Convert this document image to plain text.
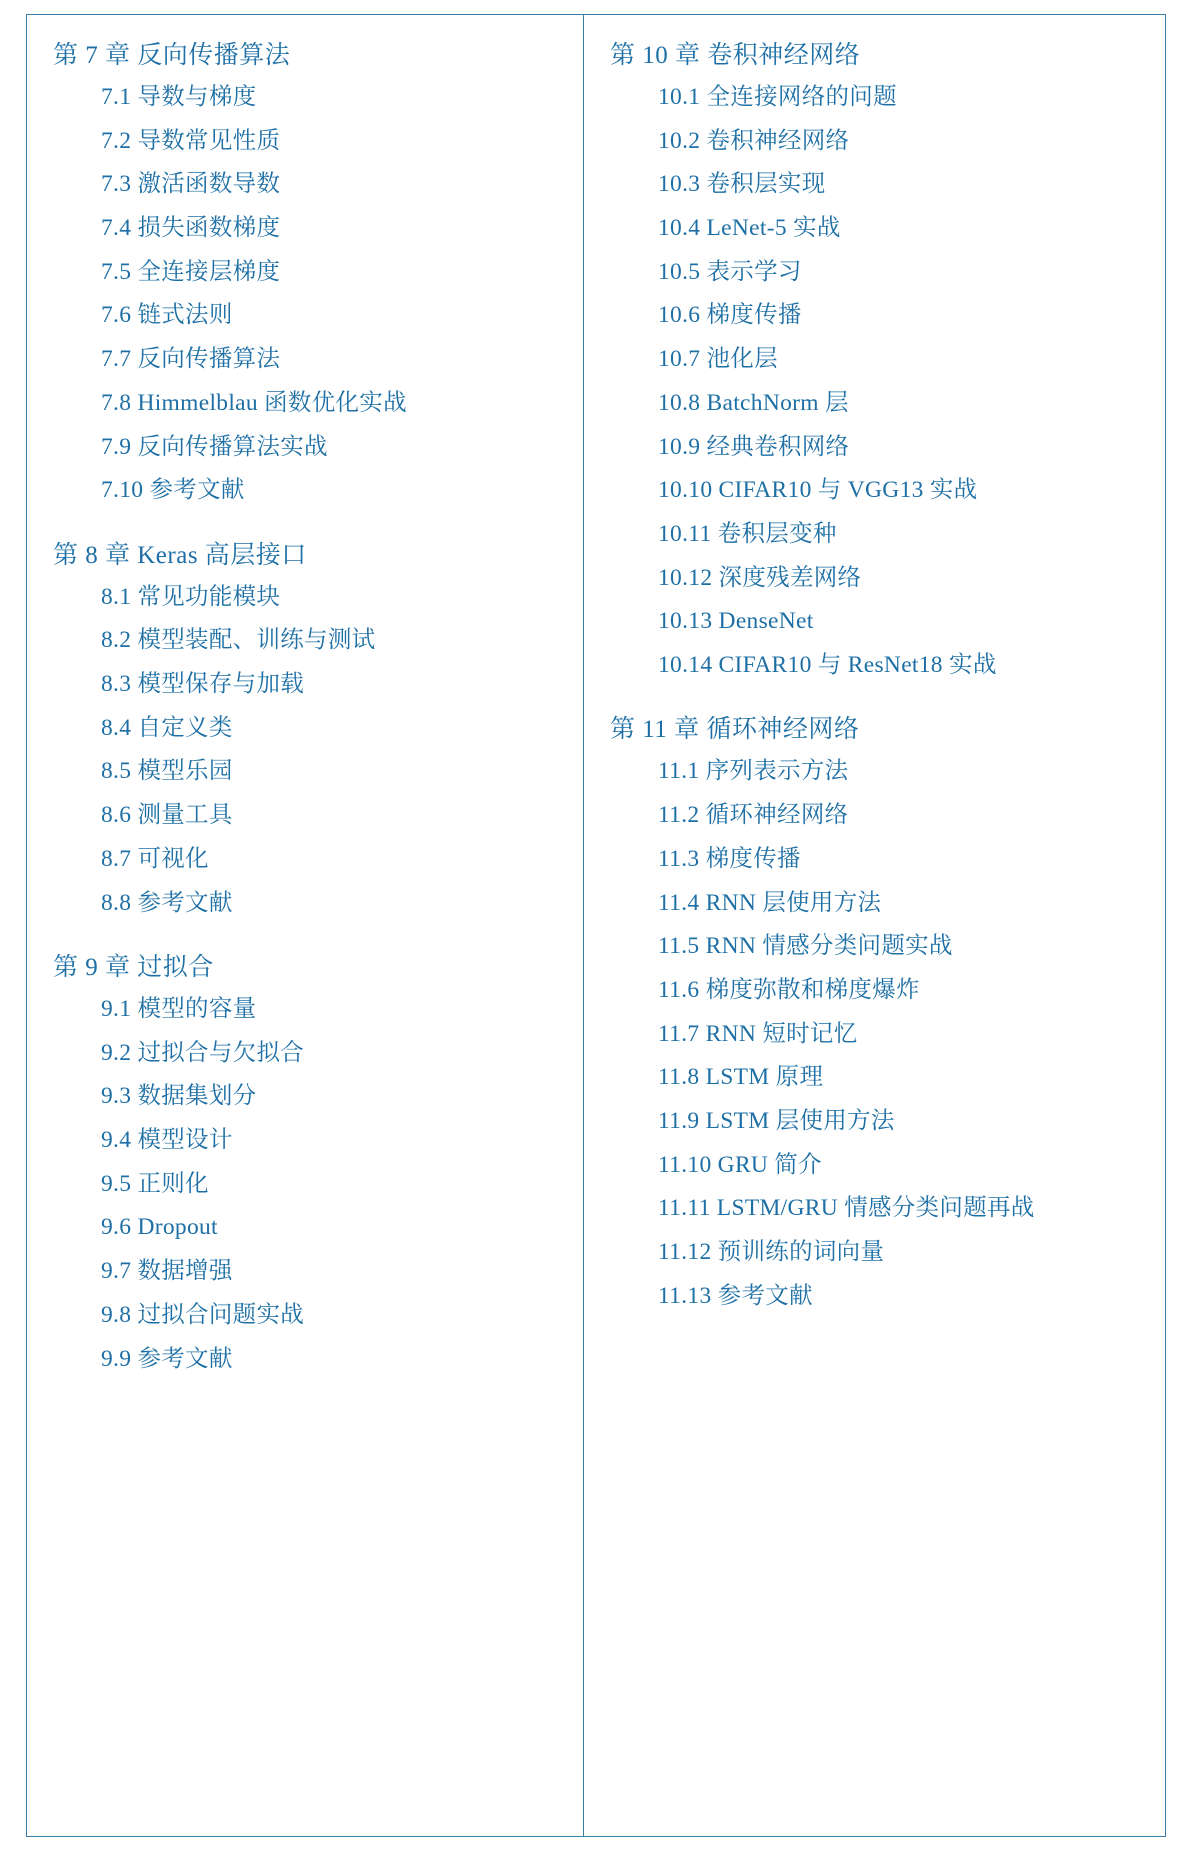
第 7 章 反向传播算法
7.1 导数与梯度
7.2 导数常见性质
7.3 激活函数导数
7.4 损失函数梯度
7.5 全连接层梯度
7.6 链式法则
7.7 反向传播算法
7.8 Himmelblau 函数优化实战
7.9 反向传播算法实战
7.10 参考文献
第 8 章 Keras 高层接口
8.1 常见功能模块
8.2 模型装配、训练与测试
8.3 模型保存与加载
8.4 自定义类
8.5 模型乐园
8.6 测量工具
8.7 可视化
8.8 参考文献
第 9 章 过拟合
9.1 模型的容量
9.2 过拟合与欠拟合
9.3 数据集划分
9.4 模型设计
9.5 正则化
9.6 Dropout
9.7 数据增强
9.8 过拟合问题实战
9.9 参考文献
第 10 章 卷积神经网络
10.1 全连接网络的问题
10.2 卷积神经网络
10.3 卷积层实现
10.4 LeNet-5 实战
10.5 表示学习
10.6 梯度传播
10.7 池化层
10.8 BatchNorm 层
10.9 经典卷积网络
10.10 CIFAR10 与 VGG13 实战
10.11 卷积层变种
10.12 深度残差网络
10.13 DenseNet
10.14 CIFAR10 与 ResNet18 实战
第 11 章 循环神经网络
11.1 序列表示方法
11.2 循环神经网络
11.3 梯度传播
11.4 RNN 层使用方法
11.5 RNN 情感分类问题实战
11.6 梯度弥散和梯度爆炸
11.7 RNN 短时记忆
11.8 LSTM 原理
11.9 LSTM 层使用方法
11.10 GRU 简介
11.11 LSTM/GRU 情感分类问题再战
11.12 预训练的词向量
11.13 参考文献
